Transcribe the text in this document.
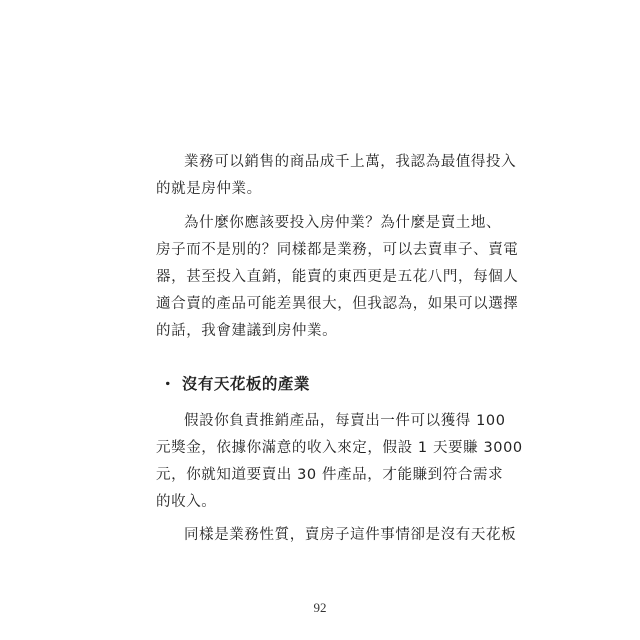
業務可以銷售的商品成千上萬，我認為最值得投入
的就是房仲業。
為什麼你應該要投入房仲業？為什麼是賣土地、
房子而不是別的？同樣都是業務，可以去賣車子、賣電
器，甚至投入直銷，能賣的東西更是五花八門，每個人
適合賣的產品可能差異很大，但我認為，如果可以選擇
的話，我會建議到房仲業。
・ 沒有天花板的產業
假設你負責推銷產品，每賣出一件可以獲得 100
元獎金，依據你滿意的收入來定，假設 1 天要賺 3000
元，你就知道要賣出 30 件產品，才能賺到符合需求
的收入。
同樣是業務性質，賣房子這件事情卻是沒有天花板
92
